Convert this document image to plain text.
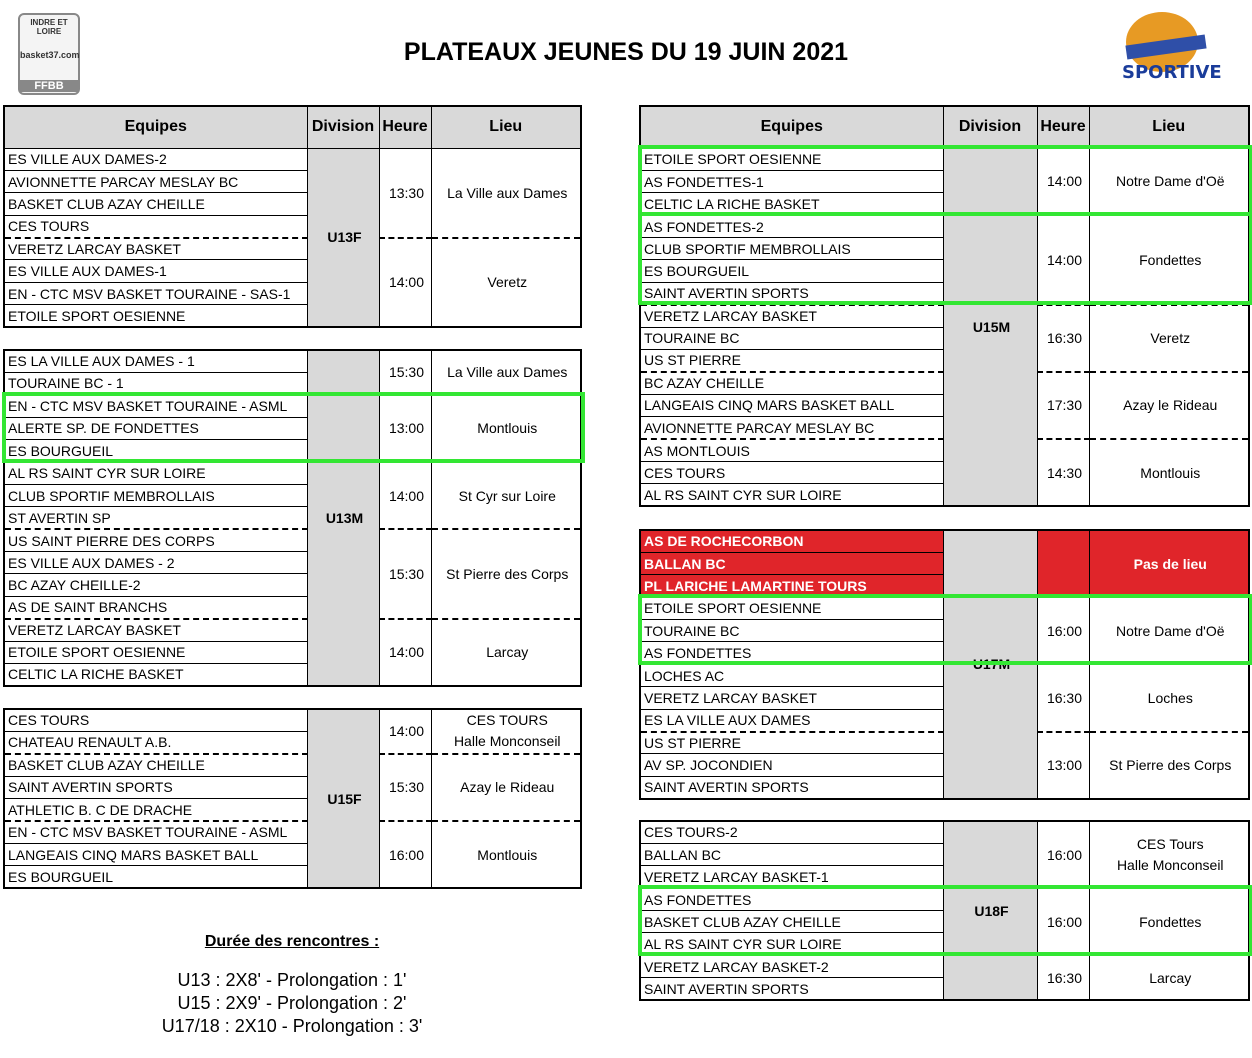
PLATEAUX JEUNES DU 19 JUIN 2021
INDRE ET LOIRE
basket37.com
FFBB
SPORTIVE
Equipes	Division	Heure	Lieu
ES VILLE AUX DAMES-2	U13F	13:30	La Ville aux Dames
AVIONNETTE PARCAY MESLAY BC			
BASKET CLUB AZAY CHEILLE			
CES TOURS			
VERETZ LARCAY BASKET		14:00	Veretz
ES VILLE AUX DAMES-1			
EN - CTC MSV BASKET TOURAINE - SAS-1			
ETOILE SPORT OESIENNE			
ES LA VILLE AUX DAMES - 1	U13M	15:30	La Ville aux Dames
TOURAINE BC - 1			
EN - CTC MSV BASKET TOURAINE - ASML		13:00	Montlouis
ALERTE SP. DE FONDETTES			
ES BOURGUEIL			
AL RS SAINT CYR SUR LOIRE		14:00	St Cyr sur Loire
CLUB SPORTIF MEMBROLLAIS			
ST AVERTIN SP			
US SAINT PIERRE DES CORPS		15:30	St Pierre des Corps
ES VILLE AUX DAMES - 2			
BC AZAY CHEILLE-2			
AS DE SAINT BRANCHS			
VERETZ LARCAY BASKET		14:00	Larcay
ETOILE SPORT OESIENNE			
CELTIC LA RICHE BASKET			
CES TOURS	U15F	14:00	CES TOURS
Halle Monconseil

CHATEAU RENAULT A.B.			
BASKET CLUB AZAY CHEILLE		15:30	Azay le Rideau
SAINT AVERTIN SPORTS			
ATHLETIC B. C DE DRACHE			
EN - CTC MSV BASKET TOURAINE - ASML		16:00	Montlouis
LANGEAIS CINQ MARS BASKET BALL			
ES BOURGUEIL			
Equipes	Division	Heure	Lieu
ETOILE SPORT OESIENNE	U15M	14:00	Notre Dame d'Oë
AS FONDETTES-1			
CELTIC LA RICHE BASKET			
AS FONDETTES-2		14:00	Fondettes
CLUB SPORTIF MEMBROLLAIS			
ES BOURGUEIL			
SAINT AVERTIN SPORTS			
VERETZ LARCAY BASKET		16:30	Veretz
TOURAINE BC			
US ST PIERRE			
BC AZAY CHEILLE		17:30	Azay le Rideau
LANGEAIS CINQ MARS BASKET BALL			
AVIONNETTE PARCAY MESLAY BC			
AS MONTLOUIS		14:30	Montlouis
CES TOURS			
AL RS SAINT CYR SUR LOIRE			
AS DE ROCHECORBON	U17M		Pas de lieu
BALLAN BC			
PL LARICHE LAMARTINE TOURS			
ETOILE SPORT OESIENNE		16:00	Notre Dame d'Oë
TOURAINE BC			
AS FONDETTES			
LOCHES AC		16:30	Loches
VERETZ LARCAY BASKET			
ES LA VILLE AUX DAMES			
US ST PIERRE		13:00	St Pierre des Corps
AV SP. JOCONDIEN			
SAINT AVERTIN SPORTS			
CES TOURS-2	U18F	16:00	CES Tours
Halle Monconseil

BALLAN BC			
VERETZ LARCAY BASKET-1			
AS FONDETTES		16:00	Fondettes
BASKET CLUB AZAY CHEILLE			
AL RS SAINT CYR SUR LOIRE			
VERETZ LARCAY BASKET-2		16:30	Larcay
SAINT AVERTIN SPORTS			
Durée des rencontres :
U13 : 2X8' - Prolongation : 1'
U15 : 2X9' - Prolongation : 2'
U17/18 : 2X10 - Prolongation : 3'
